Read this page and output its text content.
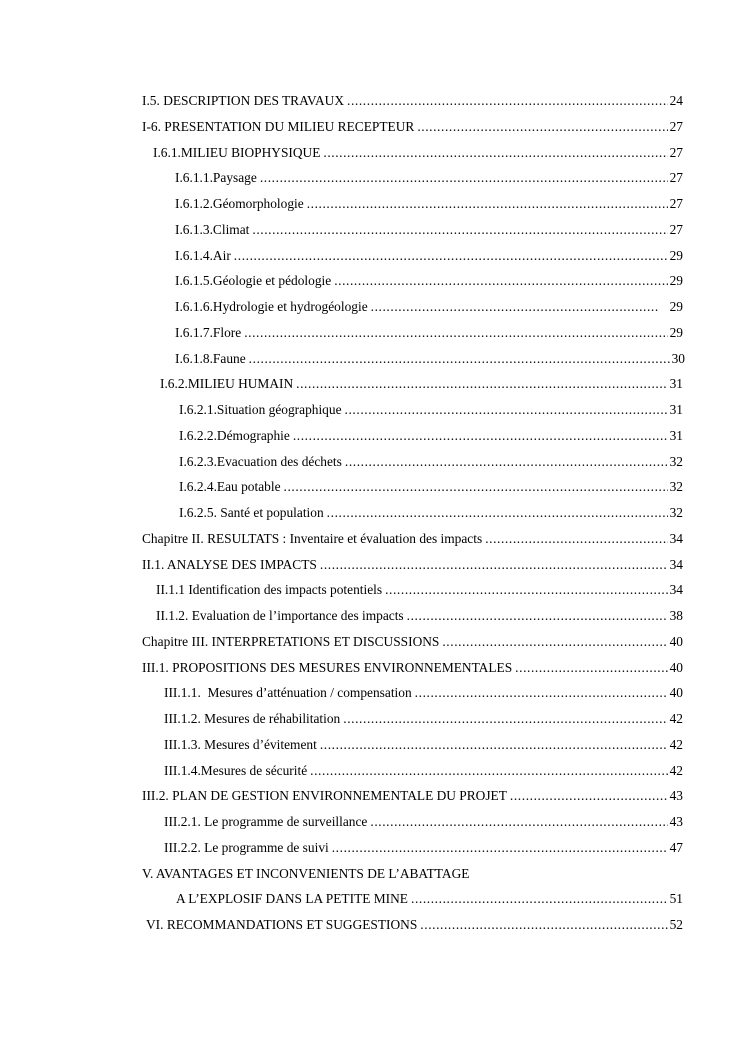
I.5. DESCRIPTION DES TRAVAUX .....	24
I-6. PRESENTATION DU MILIEU RECEPTEUR .....	27
I.6.1.MILIEU BIOPHYSIQUE .....	27
I.6.1.1.Paysage .....	27
I.6.1.2.Géomorphologie .....	27
I.6.1.3.Climat .....	27
I.6.1.4.Air .....	29
I.6.1.5.Géologie et pédologie .....	29
I.6.1.6.Hydrologie et hydrogéologie .....	29
I.6.1.7.Flore .....	29
I.6.1.8.Faune .....	30
I.6.2.MILIEU HUMAIN .....	31
I.6.2.1.Situation géographique .....	31
I.6.2.2.Démographie .....	31
I.6.2.3.Evacuation des déchets .....	32
I.6.2.4.Eau potable .....	32
I.6.2.5. Santé et population .....	32
Chapitre II. RESULTATS : Inventaire et évaluation des impacts .....	34
II.1. ANALYSE DES IMPACTS .....	34
II.1.1 Identification des impacts potentiels .....	34
II.1.2. Evaluation de l’importance des impacts .....	38
Chapitre III. INTERPRETATIONS ET DISCUSSIONS .....	40
III.1. PROPOSITIONS DES MESURES ENVIRONNEMENTALES .....	40
III.1.1.  Mesures d’atténuation / compensation .....	40
III.1.2. Mesures de réhabilitation .....	42
III.1.3. Mesures d’évitement .....	42
III.1.4.Mesures de sécurité .....	42
III.2. PLAN DE GESTION ENVIRONNEMENTALE DU PROJET .....	43
III.2.1. Le programme de surveillance .....	43
III.2.2. Le programme de suivi .....	47
V. AVANTAGES ET INCONVENIENTS DE L’ABATTAGE
A L’EXPLOSIF DANS LA PETITE MINE .....	51
VI. RECOMMANDATIONS ET SUGGESTIONS .....	52
